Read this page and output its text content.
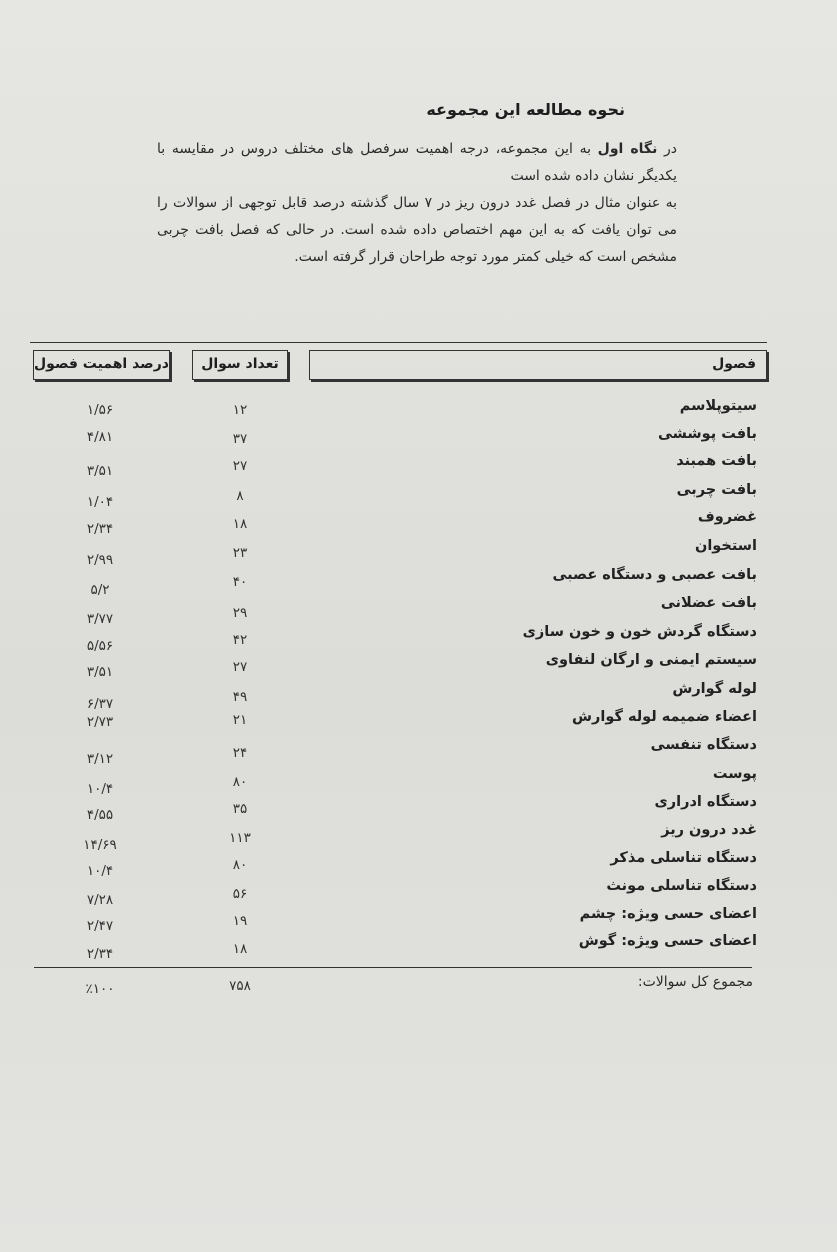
نحوه مطالعه این مجموعه

در نگاه اول به این مجموعه، درجه اهمیت سرفصل های مختلف دروس در مقایسه با یکدیگر نشان داده شده است

به عنوان مثال در فصل غدد درون ریز در ۷ سال گذشته درصد قابل توجهی از سوالات را می توان یافت که به این مهم اختصاص داده شده است. در حالی که فصل بافت چربی مشخص است که خیلی کمتر مورد توجه طراحان قرار گرفته است.

فصول
تعداد سوال
درصد اهمیت فصول
سیتوپلاسم
۱۲
۱/۵۶
بافت پوششی
۳۷
۴/۸۱
بافت همبند
۲۷
۳/۵۱
بافت چربی
۸
۱/۰۴
غضروف
۱۸
۲/۳۴
استخوان
۲۳
۲/۹۹
بافت عصبی و دستگاه عصبی
۴۰
۵/۲
بافت عضلانی
۲۹
۳/۷۷
دستگاه گردش خون و خون سازی
۴۲
۵/۵۶
سیستم ایمنی و ارگان لنفاوی
۲۷
۳/۵۱
لوله گوارش
۴۹
۶/۳۷
اعضاء ضمیمه لوله گوارش
۲۱
۲/۷۳
دستگاه تنفسی
۲۴
۳/۱۲
پوست
۸۰
۱۰/۴
دستگاه ادراری
۳۵
۴/۵۵
غدد درون ریز
۱۱۳
۱۴/۶۹
دستگاه تناسلی مذکر
۸۰
۱۰/۴
دستگاه تناسلی مونث
۵۶
۷/۲۸
اعضای حسی ویژه: چشم
۱۹
۲/۴۷
اعضای حسی ویژه: گوش
۱۸
۲/۳۴
مجموع کل سوالات:
۷۵۸
٪۱۰۰
